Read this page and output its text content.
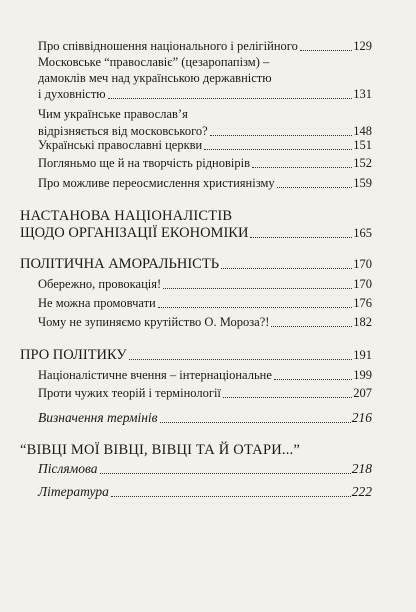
Про співвідношення національного і релігійного	129
Московське “православіє” (цезаропапізм) –
дамоклів меч над українською державністю
і духовністю	131
Чим українське православ’я
відрізняється від московського?	148
Українські православні церкви	151
Погляньмо ще й на творчість рідновірів	152
Про можливе переосмислення християнізму	159
НАСТАНОВА НАЦІОНАЛІСТІВ
ЩОДО ОРГАНІЗАЦІЇ ЕКОНОМІКИ	165
ПОЛІТИЧНА АМОРАЛЬНІСТЬ	170
Обережно, провокація!	170
Не можна промовчати	176
Чому не зупиняємо крутійство О. Мороза?!	182
ПРО ПОЛІТИКУ	191
Націоналістичне вчення – інтернаціональне	199
Проти чужих теорій і термінології	207
Визначення термінів	216
“ВІВЦІ МОЇ ВІВЦІ, ВІВЦІ ТА Й ОТАРИ...”
Післямова	218
Література	222
